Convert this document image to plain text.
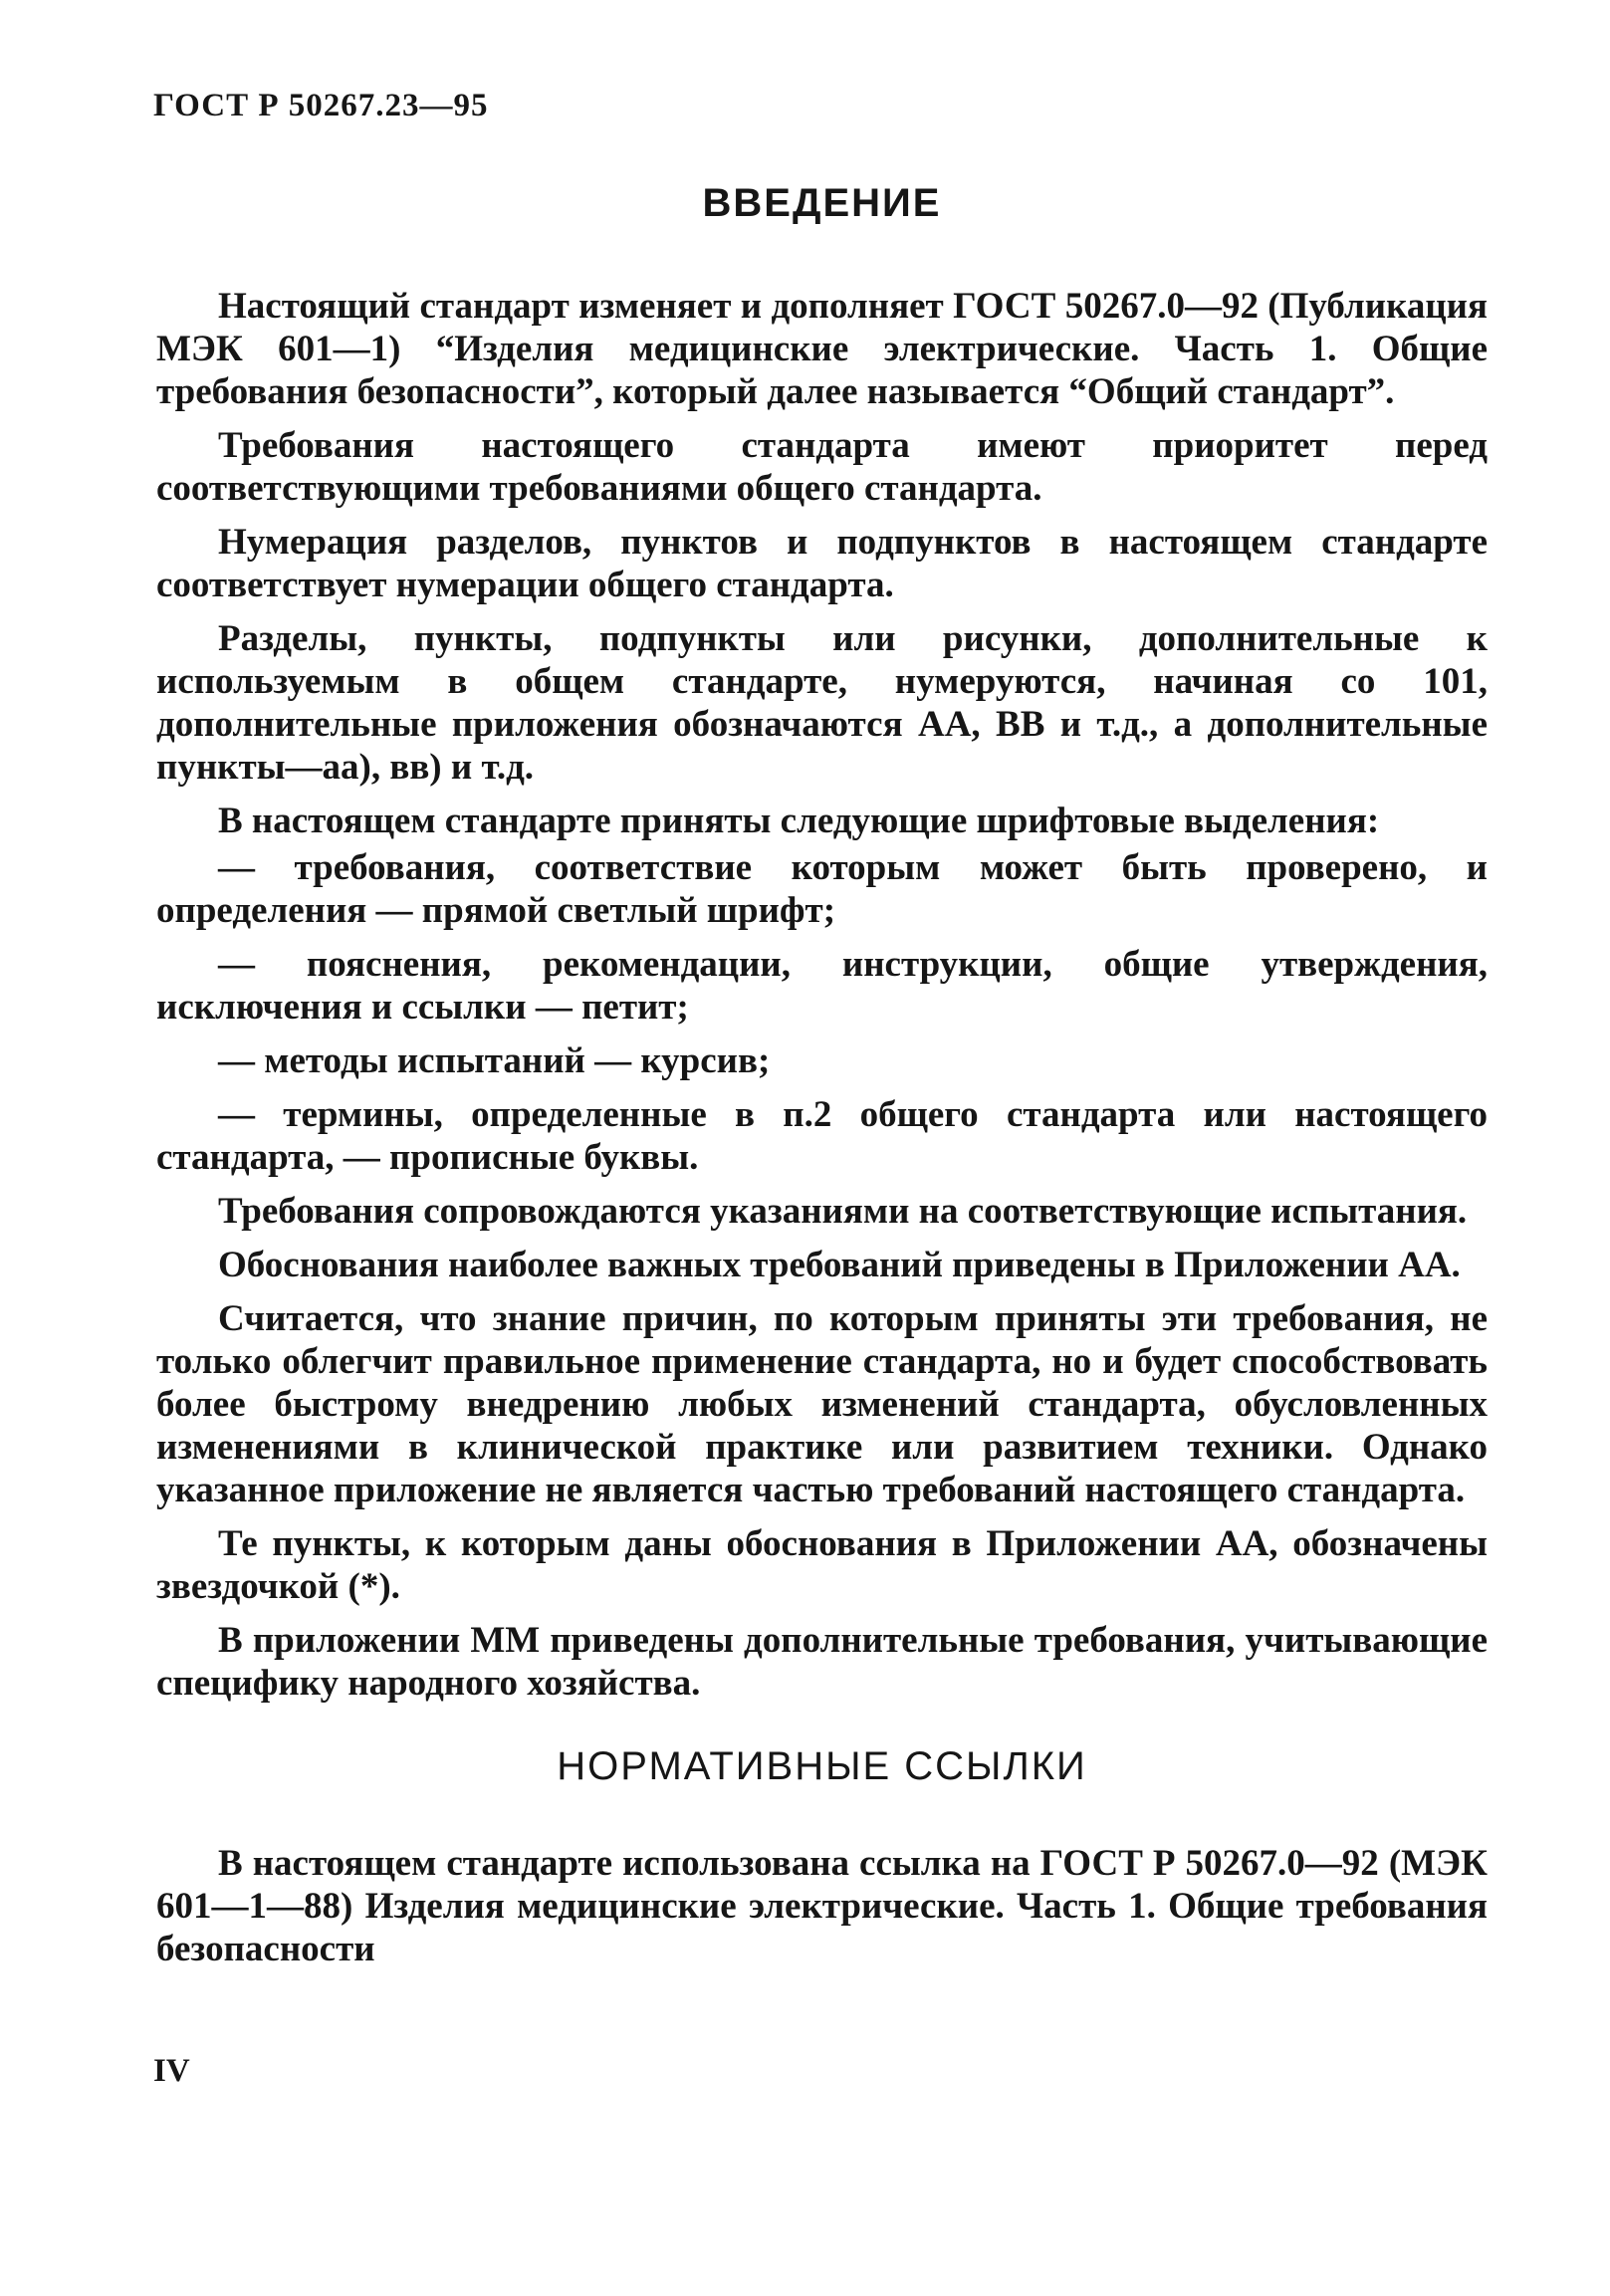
ГОСТ Р 50267.23—95
ВВЕДЕНИЕ

Настоящий стандарт изменяет и дополняет ГОСТ 50267.0—92 (Публикация МЭК 601—1) “Изделия медицинские электрические. Часть 1. Общие требования безопасности”, который далее называется “Общий стандарт”.

Требования настоящего стандарта имеют приоритет перед соответствующими требованиями общего стандарта.

Нумерация разделов, пунктов и подпунктов в настоящем стандарте соответствует нумерации общего стандарта.

Разделы, пункты, подпункты или рисунки, дополнительные к используемым в общем стандарте, нумеруются, начиная со 101, дополнительные приложения обозначаются АА, ВВ и т.д., а дополнительные пункты—аа), вв) и т.д.

В настоящем стандарте приняты следующие шрифтовые выделения:

— требования, соответствие которым может быть проверено, и определения — прямой светлый шрифт;

— пояснения, рекомендации, инструкции, общие утверждения, исключения и ссылки — петит;

— методы испытаний — курсив;

— термины, определенные в п.2 общего стандарта или настоящего стандарта, — прописные буквы.

Требования сопровождаются указаниями на соответствующие испытания.

Обоснования наиболее важных требований приведены в Приложении АА.

Считается, что знание причин, по которым приняты эти требования, не только облегчит правильное применение стандарта, но и будет способствовать более быстрому внедрению любых изменений стандарта, обусловленных изменениями в клинической практике или развитием техники. Однако указанное приложение не является частью требований настоящего стандарта.

Те пункты, к которым даны обоснования в Приложении АА, обозначены звездочкой (*).

В приложении ММ приведены дополнительные требования, учитывающие специфику народного хозяйства.

НОРМАТИВНЫЕ ССЫЛКИ

В настоящем стандарте использована ссылка на ГОСТ Р 50267.0—92 (МЭК 601—1—88) Изделия медицинские электрические. Часть 1. Общие требования безопасности

IV
